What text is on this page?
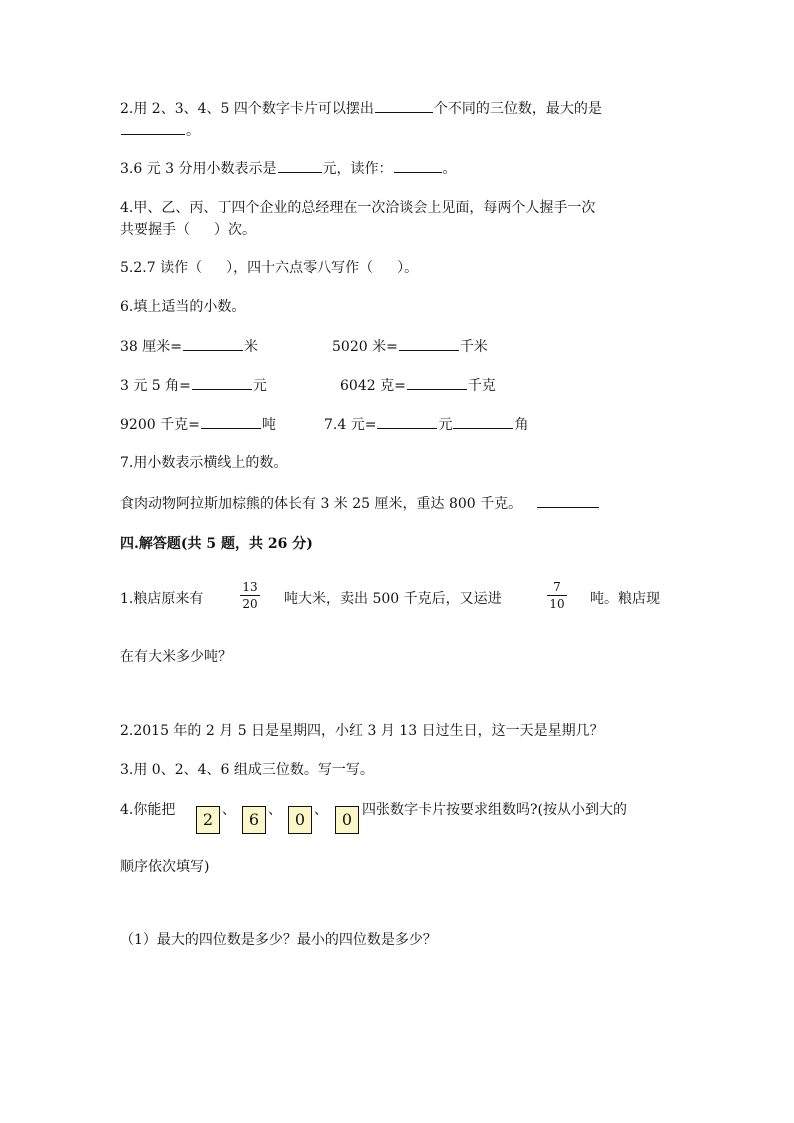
2.用 2、3、4、5 四个数字卡片可以摆出	个不同的三位数，最大的是
。
3.6 元 3 分用小数表示是	元，读作：	。
4.甲、乙、丙、丁四个企业的总经理在一次洽谈会上见面，每两个人握手一次
共要握手（ ）次。
5.2.7 读作（ ），四十六点零八写作（ ）。
6.填上适当的小数。
38 厘米=	米	5020 米=	千米
3 元 5 角=	元	6042 克=	千克
9200 千克=	吨	7.4 元=	元	角
7.用小数表示横线上的数。
食肉动物阿拉斯加棕熊的体长有 3 米 25 厘米，重达 800 千克。
四.解答题(共 5 题，共 26 分)
1.粮店原来有
13
20	吨大米，卖出 500 千克后，又运进
7
10	吨。粮店现
在有大米多少吨？
2.2015 年的 2 月 5 日是星期四，小红 3 月 13 日过生日，这一天是星期几？
3.用 0、2、4、6 组成三位数。写一写。
4.你能把	2 、 6 、 0 、 0 四张数字卡片按要求组数吗?(按从小到大的
顺序依次填写)
（1）最大的四位数是多少？最小的四位数是多少？
